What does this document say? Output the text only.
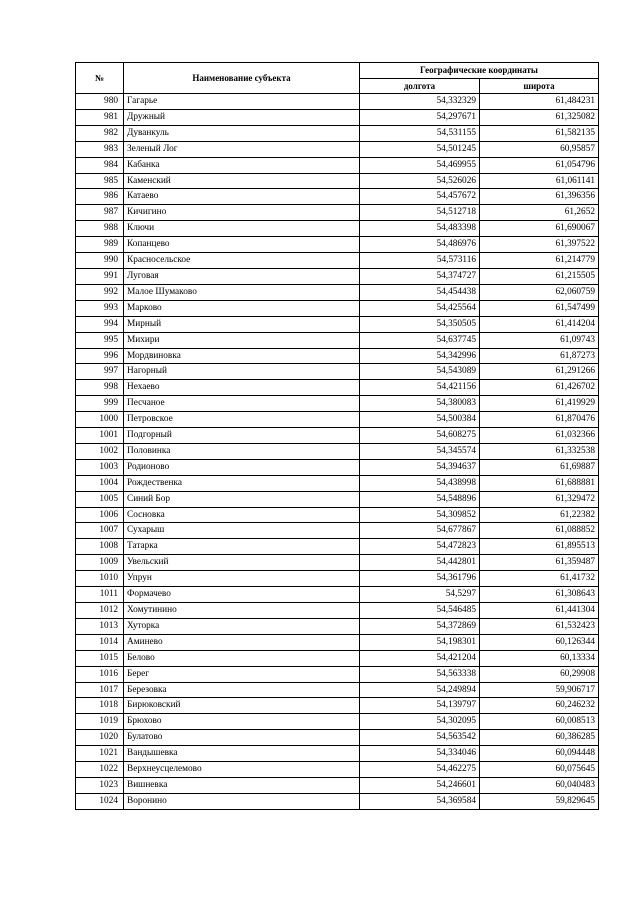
№	Наименование субъекта	Географические координаты	
		долгота	широта
980	Гагарье	54,332329	61,484231
981	Дружный	54,297671	61,325082
982	Дуванкуль	54,531155	61,582135
983	Зеленый Лог	54,501245	60,95857
984	Кабанка	54,469955	61,054796
985	Каменский	54,526026	61,061141
986	Катаево	54,457672	61,396356
987	Кичигино	54,512718	61,2652
988	Ключи	54,483398	61,690067
989	Копанцево	54,486976	61,397522
990	Красносельское	54,573116	61,214779
991	Луговая	54,374727	61,215505
992	Малое Шумаково	54,454438	62,060759
993	Марково	54,425564	61,547499
994	Мирный	54,350505	61,414204
995	Михири	54,637745	61,09743
996	Мордвиновка	54,342996	61,87273
997	Нагорный	54,543089	61,291266
998	Нехаево	54,421156	61,426702
999	Песчаное	54,380083	61,419929
1000	Петровское	54,500384	61,870476
1001	Подгорный	54,608275	61,032366
1002	Половинка	54,345574	61,332538
1003	Родионово	54,394637	61,69887
1004	Рождественка	54,438998	61,688881
1005	Синий Бор	54,548896	61,329472
1006	Сосновка	54,309852	61,22382
1007	Сухарыш	54,677867	61,088852
1008	Татарка	54,472823	61,895513
1009	Увельский	54,442801	61,359487
1010	Упрун	54,361796	61,41732
1011	Формачево	54,5297	61,308643
1012	Хомутинино	54,546485	61,441304
1013	Хуторка	54,372869	61,532423
1014	Аминево	54,198301	60,126344
1015	Белово	54,421204	60,13334
1016	Берег	54,563338	60,29908
1017	Березовка	54,249894	59,906717
1018	Бирюковский	54,139797	60,246232
1019	Брюхово	54,302095	60,008513
1020	Булатово	54,563542	60,386285
1021	Вандышевка	54,334046	60,094448
1022	Верхнеусцелемово	54,462275	60,075645
1023	Вишневка	54,246601	60,040483
1024	Воронино	54,369584	59,829645
